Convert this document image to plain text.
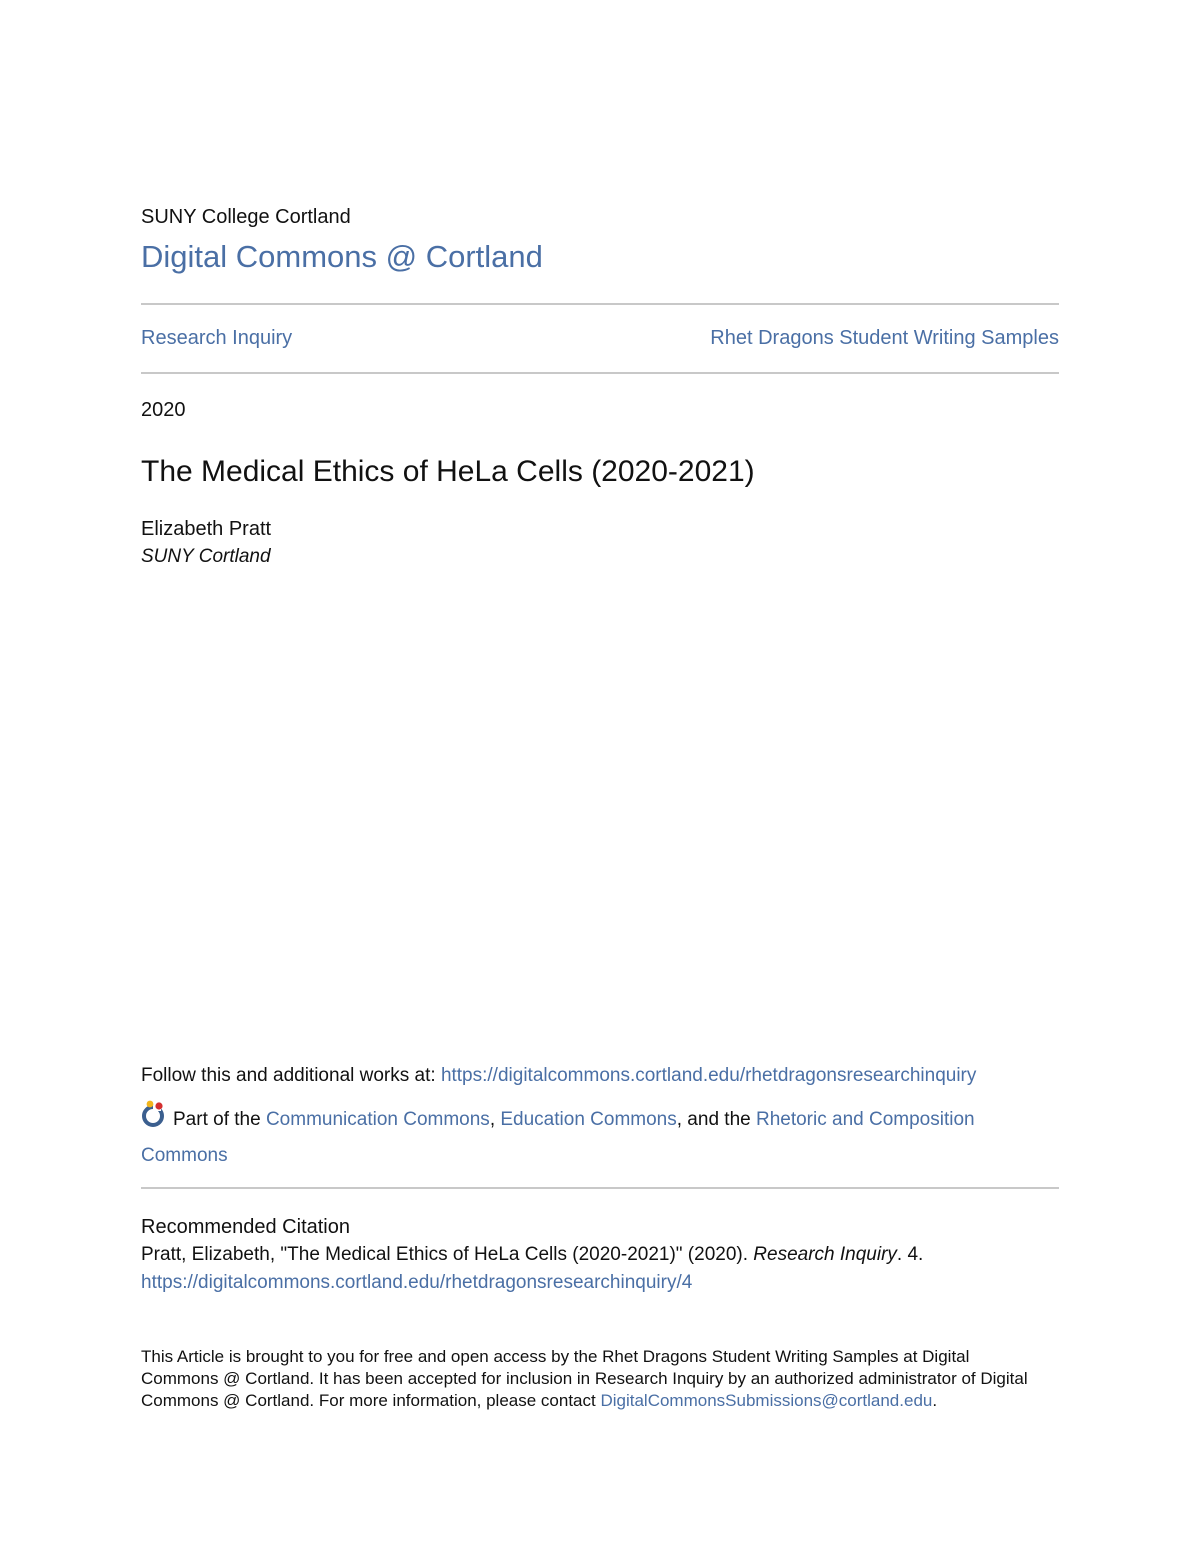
SUNY College Cortland
Digital Commons @ Cortland
Research Inquiry	Rhet Dragons Student Writing Samples
2020
The Medical Ethics of HeLa Cells (2020-2021)
Elizabeth Pratt
SUNY Cortland
Follow this and additional works at: https://digitalcommons.cortland.edu/rhetdragonsresearchinquiry
Part of the Communication Commons, Education Commons, and the Rhetoric and Composition Commons
Recommended Citation
Pratt, Elizabeth, "The Medical Ethics of HeLa Cells (2020-2021)" (2020). Research Inquiry. 4.
https://digitalcommons.cortland.edu/rhetdragonsresearchinquiry/4
This Article is brought to you for free and open access by the Rhet Dragons Student Writing Samples at Digital Commons @ Cortland. It has been accepted for inclusion in Research Inquiry by an authorized administrator of Digital Commons @ Cortland. For more information, please contact DigitalCommonsSubmissions@cortland.edu.
